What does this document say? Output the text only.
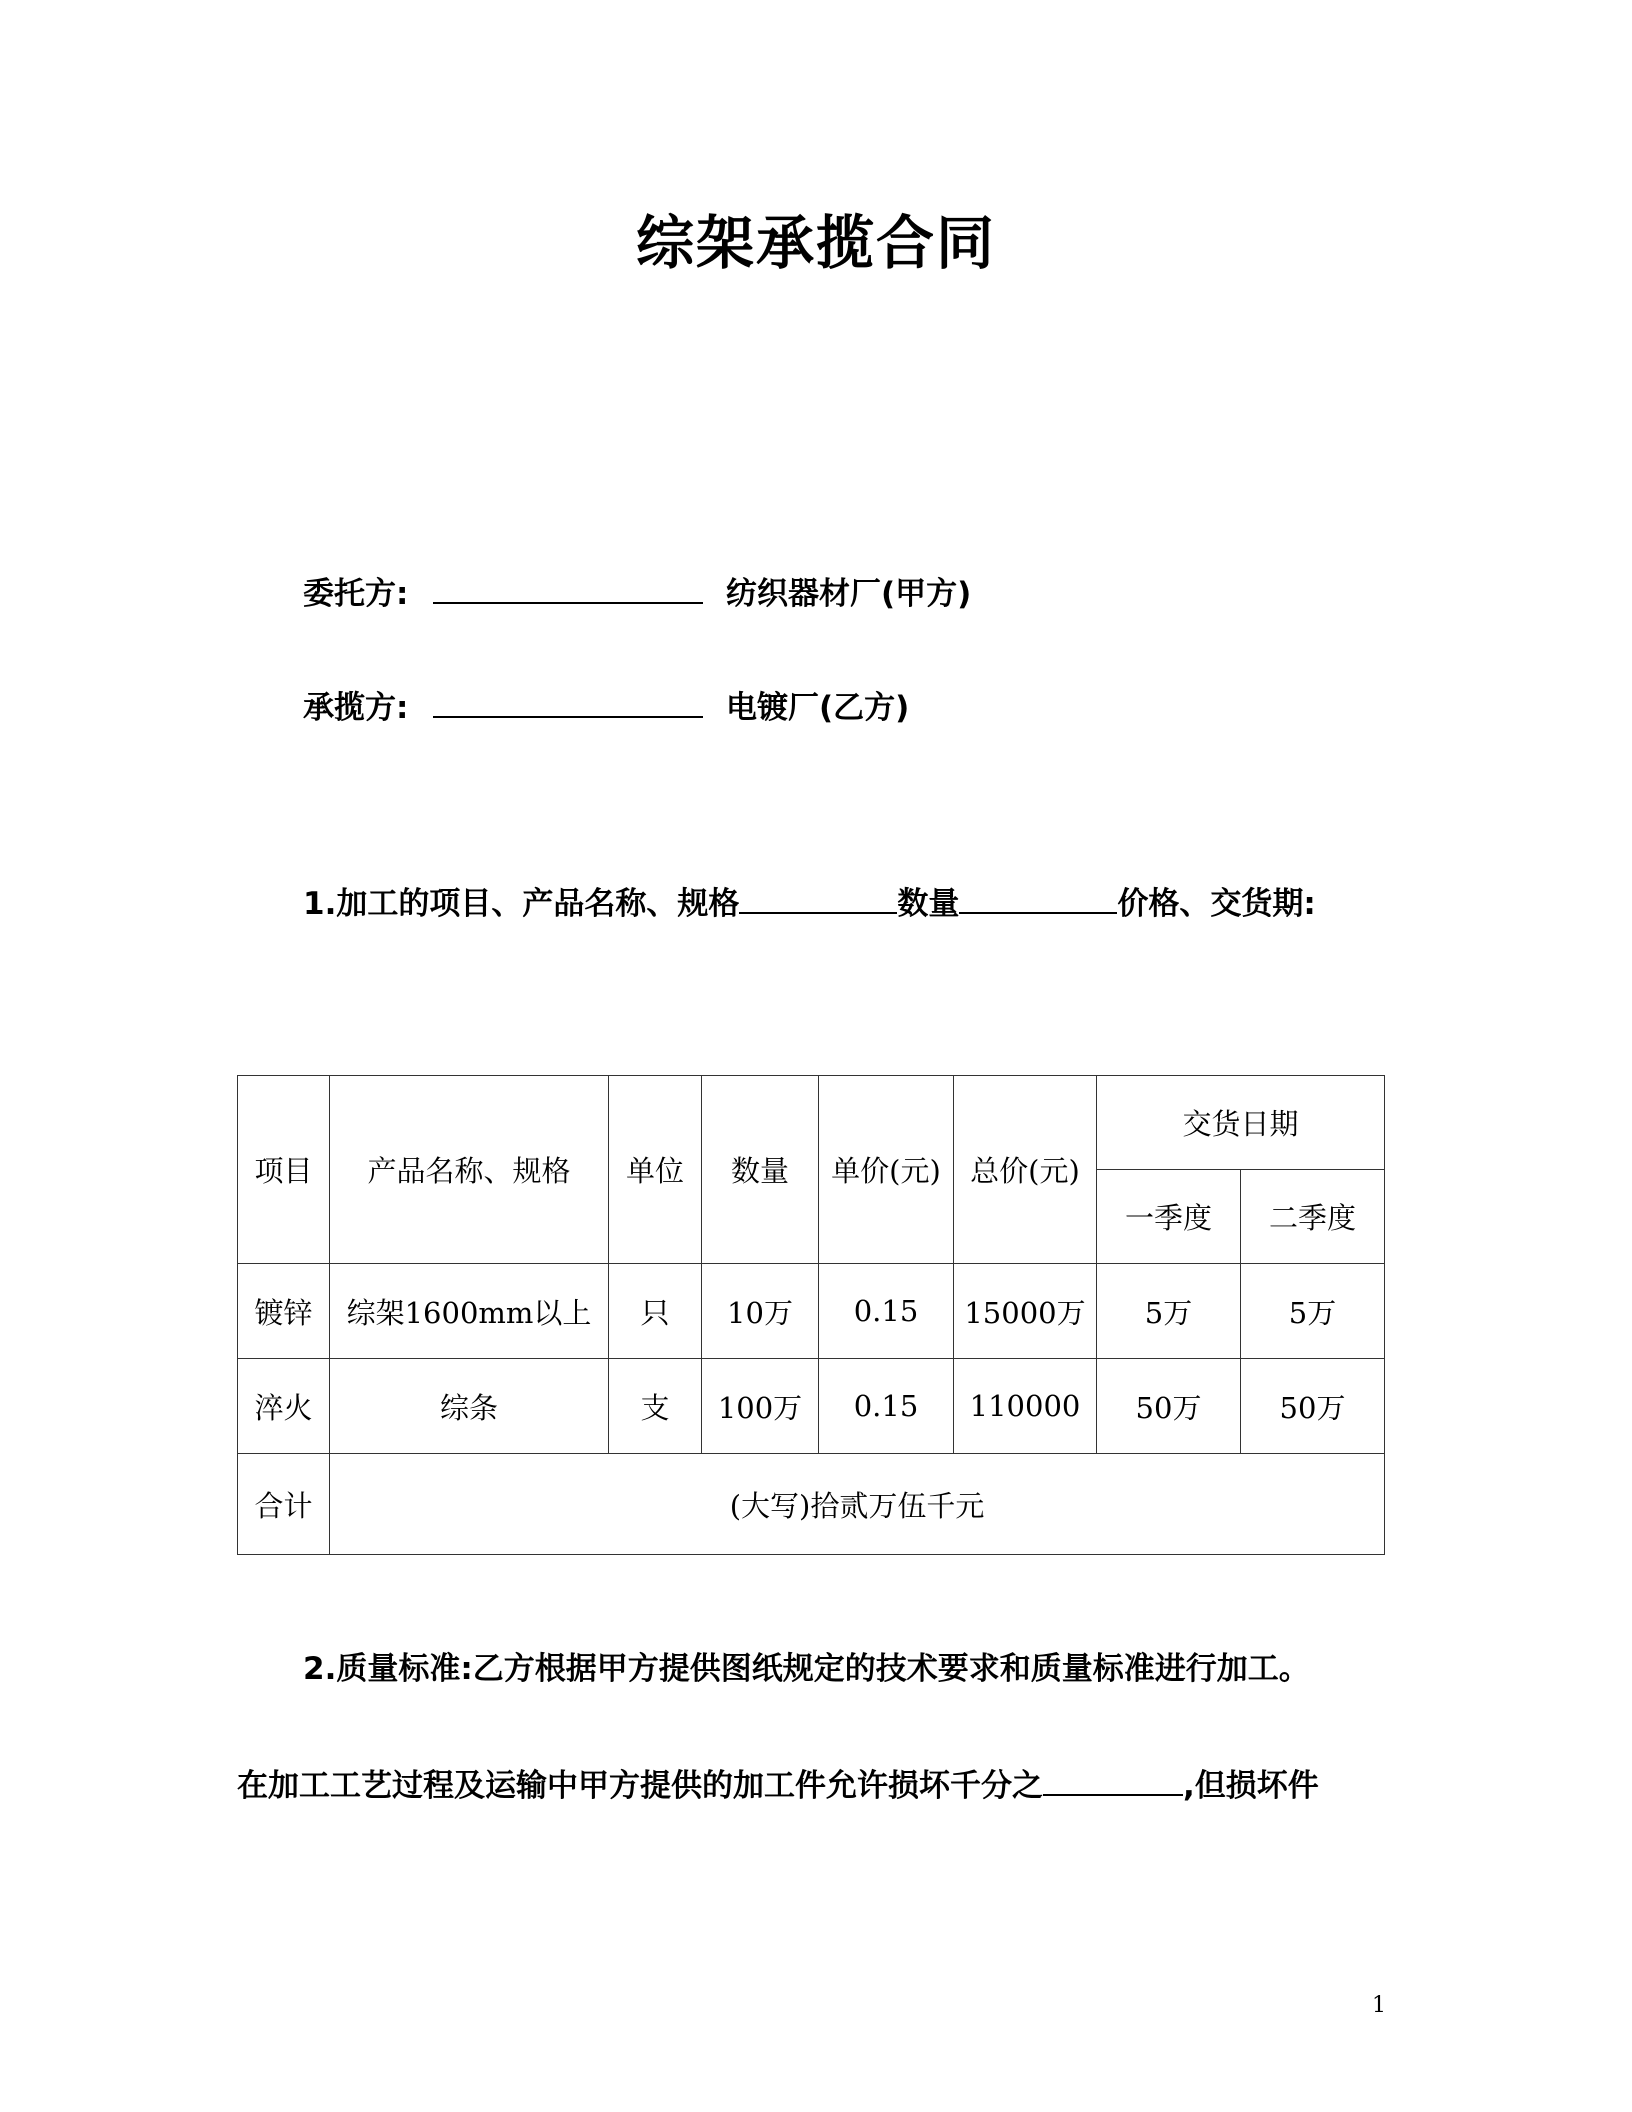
综架承揽合同
委托方:	纺织器材厂(甲方)
承揽方:	电镀厂(乙方)
1.加工的项目、产品名称、规格	数量	价格、交货期:
项目	产品名称、规格	单位	数量	单价(元)	总价(元)	交货日期	
						一季度	二季度
镀锌	综架1600mm以上	只	10万	0.15	15000万	5万	5万
淬火	综条	支	100万	0.15	110000	50万	50万
合计	(大写)拾贰万伍千元						
2.质量标准:乙方根据甲方提供图纸规定的技术要求和质量标准进行加工。
在加工工艺过程及运输中甲方提供的加工件允许损坏千分之	,但损坏件
1
